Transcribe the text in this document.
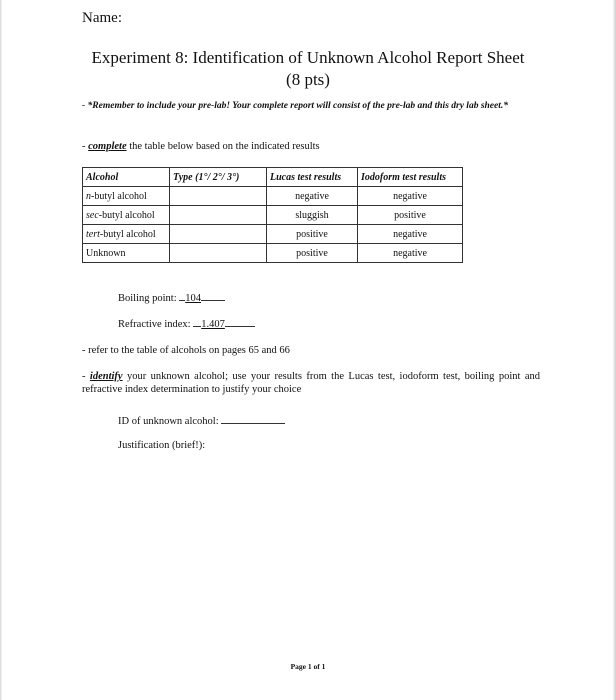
Name:
Experiment 8: Identification of Unknown Alcohol Report Sheet
(8 pts)
- *Remember to include your pre-lab! Your complete report will consist of the pre-lab and this dry lab sheet.*
- complete the table below based on the indicated results
Alcohol	Type (1°/ 2°/ 3°)	Lucas test results	Iodoform test results
n-butyl alcohol		negative	negative
sec-butyl alcohol		sluggish	positive
tert-butyl alcohol		positive	negative
Unknown		positive	negative
Boiling point: 104
Refractive index: 1.407
- refer to the table of alcohols on pages 65 and 66
- identify your unknown alcohol; use your results from the Lucas test, iodoform test, boiling point and refractive index determination to justify your choice
ID of unknown alcohol:
Justification (brief!):
Page 1 of 1
